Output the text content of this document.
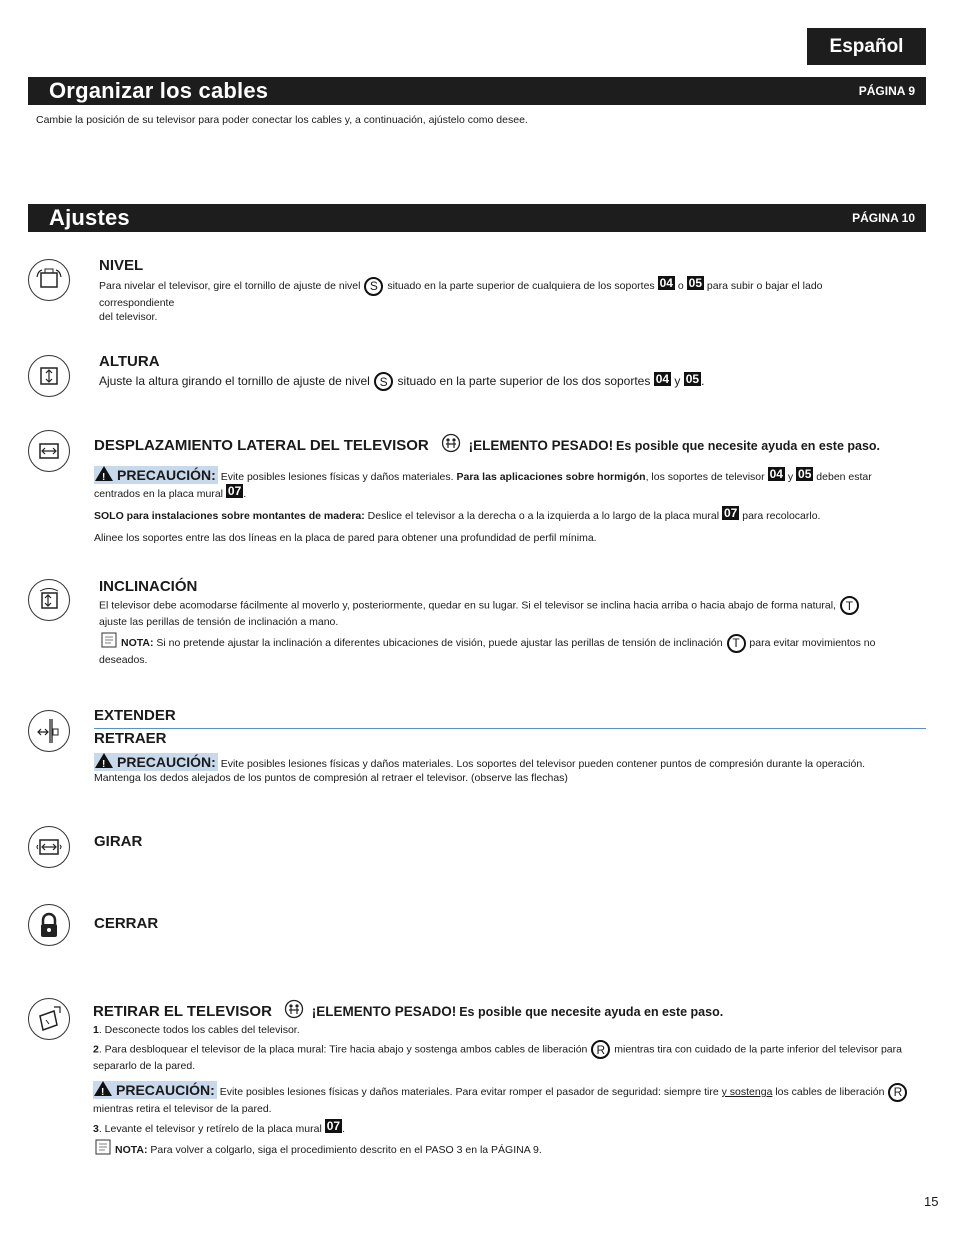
Español
Organizar los cables	PÁGINA 9
Cambie la posición de su televisor para poder conectar los cables y, a continuación, ajústelo como desee.
Ajustes	PÁGINA 10
NIVEL
Para nivelar el televisor, gire el tornillo de ajuste de nivel S situado en la parte superior de cualquiera de los soportes 04 o 05 para subir o bajar el lado correspondiente
del televisor.
ALTURA
Ajuste la altura girando el tornillo de ajuste de nivel S situado en la parte superior de los dos soportes 04 y 05 .
DESPLAZAMIENTO LATERAL DEL TELEVISOR	¡ELEMENTO PESADO! Es posible que necesite ayuda en este paso.
!PRECAUCIÓN: Evite posibles lesiones físicas y daños materiales. Para las aplicaciones sobre hormigón, los soportes de televisor 04 y 05 deben estar centrados en la placa mural 07 .
SOLO para instalaciones sobre montantes de madera: Deslice el televisor a la derecha o a la izquierda a lo largo de la placa mural 07 para recolocarlo.
Alinee los soportes entre las dos líneas en la placa de pared para obtener una profundidad de perfil mínima.
INCLINACIÓN
El televisor debe acomodarse fácilmente al moverlo y, posteriormente, quedar en su lugar. Si el televisor se inclina hacia arriba o hacia abajo de forma natural, T
ajuste las perillas de tensión de inclinación a mano.
NOTA: Si no pretende ajustar la inclinación a diferentes ubicaciones de visión, puede ajustar las perillas de tensión de inclinación T para evitar movimientos no deseados.
EXTENDER
RETRAER
!PRECAUCIÓN: Evite posibles lesiones físicas y daños materiales. Los soportes del televisor pueden contener puntos de compresión durante la operación.
Mantenga los dedos alejados de los puntos de compresión al retraer el televisor. (observe las flechas)
GIRAR
CERRAR
RETIRAR EL TELEVISOR	¡ELEMENTO PESADO! Es posible que necesite ayuda en este paso.
1. Desconecte todos los cables del televisor.
2. Para desbloquear el televisor de la placa mural: Tire hacia abajo y sostenga ambos cables de liberación R mientras tira con cuidado de la parte inferior del televisor para separarlo de la pared.
!PRECAUCIÓN: Evite posibles lesiones físicas y daños materiales. Para evitar romper el pasador de seguridad: siempre tire y sostenga los cables de liberación R mientras retira el televisor de la pared.
3. Levante el televisor y retírelo de la placa mural 07 .
NOTA: Para volver a colgarlo, siga el procedimiento descrito en el PASO 3 en la PÁGINA 9.
15
